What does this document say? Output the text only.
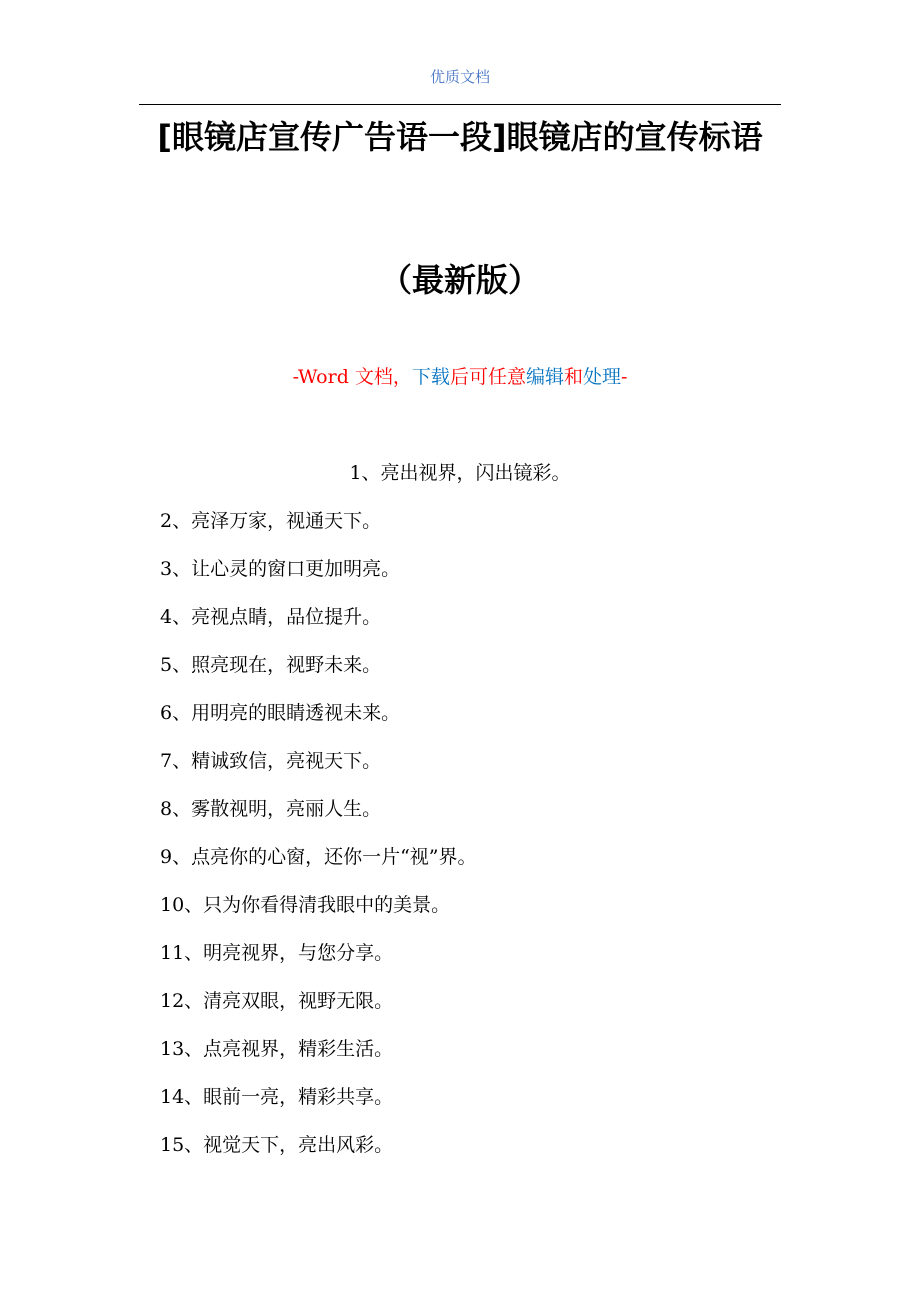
优质文档
[眼镜店宣传广告语一段]眼镜店的宣传标语
（最新版）
-Word 文档，下载后可任意编辑和处理-
1、亮出视界，闪出镜彩。
2、亮泽万家，视通天下。
3、让心灵的窗口更加明亮。
4、亮视点睛，品位提升。
5、照亮现在，视野未来。
6、用明亮的眼睛透视未来。
7、精诚致信，亮视天下。
8、雾散视明，亮丽人生。
9、点亮你的心窗，还你一片“视”界。
10、只为你看得清我眼中的美景。
11、明亮视界，与您分享。
12、清亮双眼，视野无限。
13、点亮视界，精彩生活。
14、眼前一亮，精彩共享。
15、视觉天下，亮出风彩。
